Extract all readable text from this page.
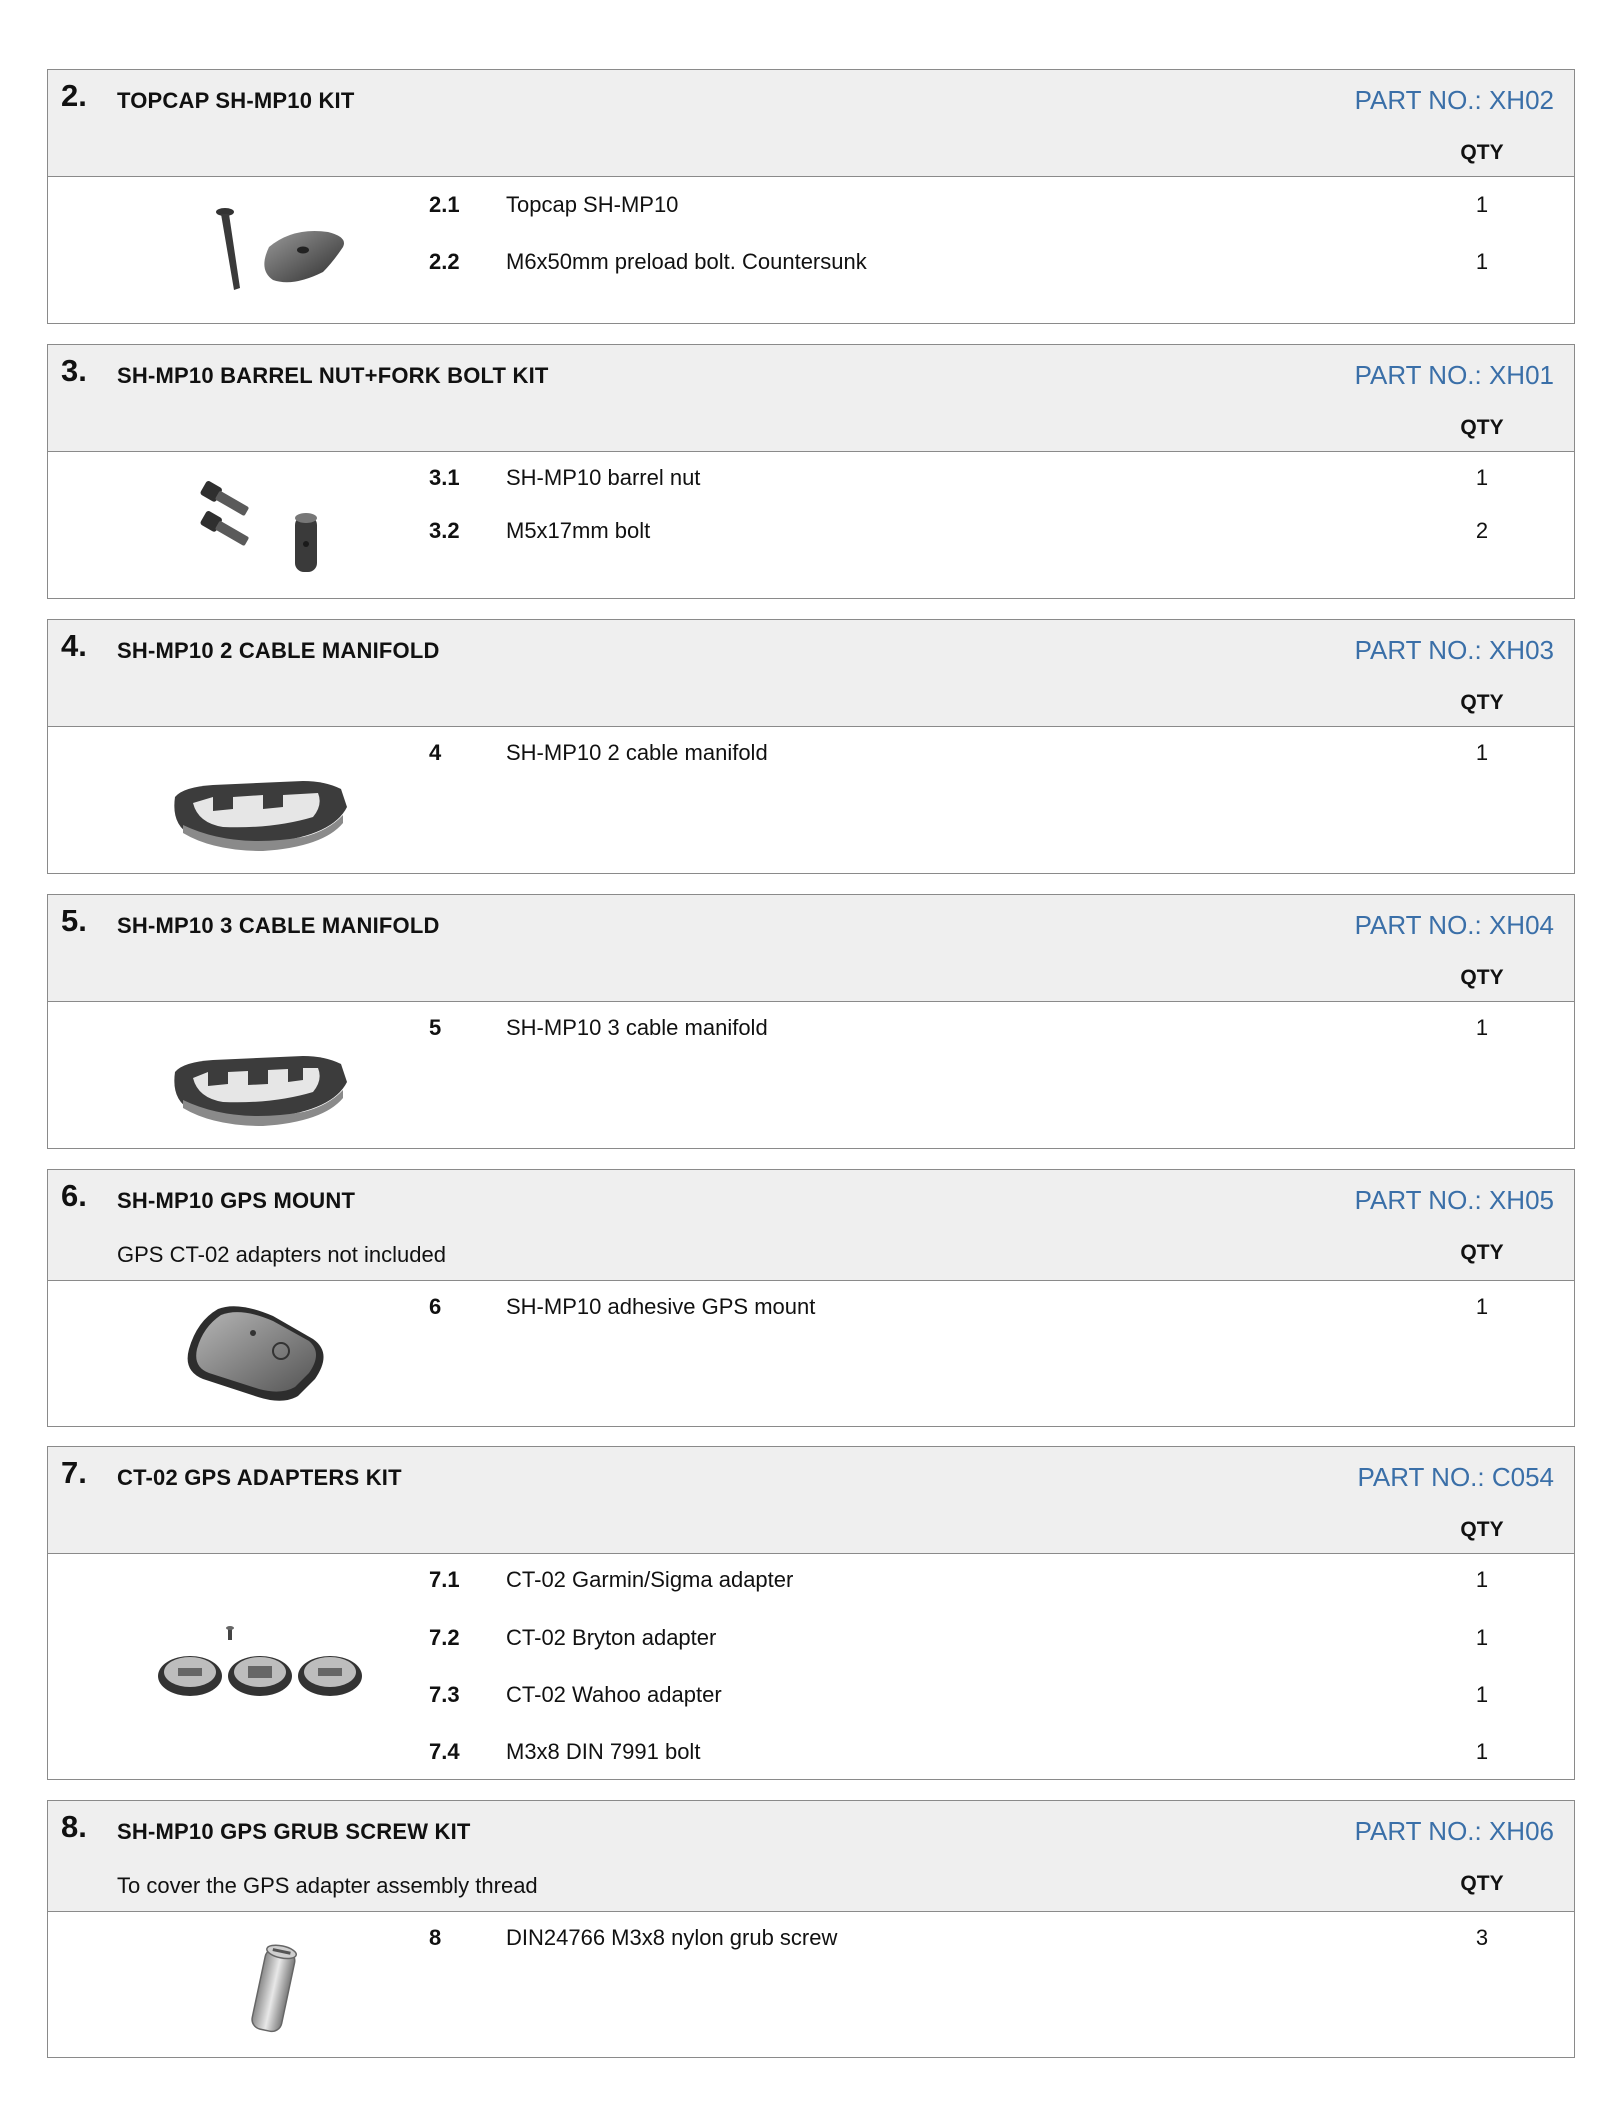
2. TOPCAP SH-MP10 KIT	PART NO.: XH02
QTY
2.1	Topcap SH-MP10	1
2.2	M6x50mm preload bolt. Countersunk	1
3. SH-MP10 BARREL NUT+FORK BOLT KIT	PART NO.: XH01
QTY
3.1	SH-MP10 barrel nut	1
3.2	M5x17mm bolt	2
4. SH-MP10 2 CABLE MANIFOLD	PART NO.: XH03
QTY
4	SH-MP10 2 cable manifold	1
5. SH-MP10 3 CABLE MANIFOLD	PART NO.: XH04
QTY
5	SH-MP10 3 cable manifold	1
6. SH-MP10 GPS MOUNT
GPS CT-02 adapters not included
PART NO.: XH05
QTY
6	SH-MP10 adhesive GPS mount	1
7. CT-02 GPS ADAPTERS KIT	PART NO.: C054
QTY
7.1	CT-02 Garmin/Sigma adapter	1
7.2	CT-02 Bryton adapter	1
7.3	CT-02 Wahoo adapter	1
7.4	M3x8 DIN 7991 bolt	1
8. SH-MP10 GPS GRUB SCREW KIT
To cover the GPS adapter assembly thread
PART NO.: XH06
QTY
8	DIN24766 M3x8 nylon grub screw	3
